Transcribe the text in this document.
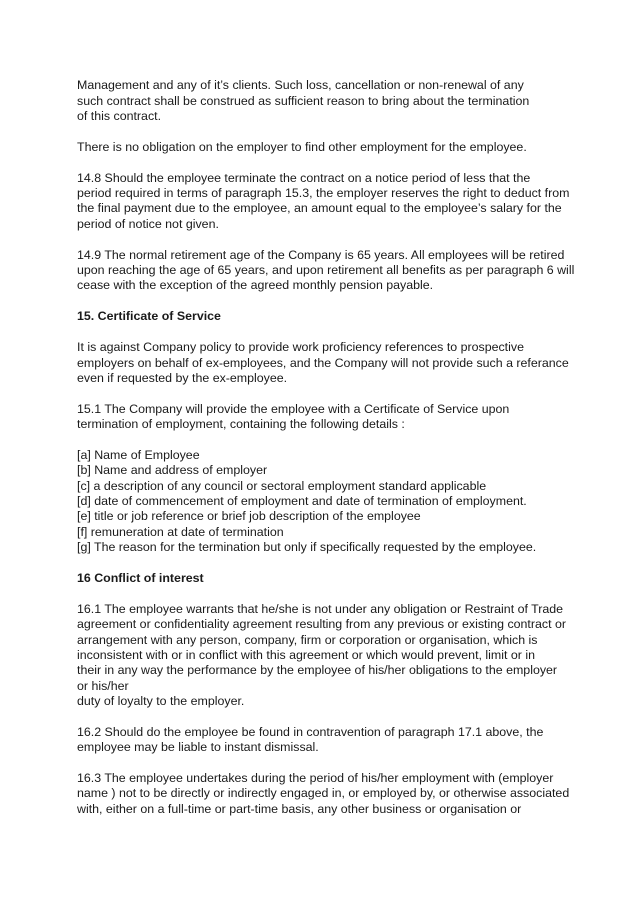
Management and any of it’s clients. Such loss, cancellation or non-renewal of any
such contract shall be construed as sufficient reason to bring about the termination
of this contract.
There is no obligation on the employer to find other employment for the employee.
14.8 Should the employee terminate the contract on a notice period of less that the
period required in terms of paragraph 15.3, the employer reserves the right to deduct from
the final payment due to the employee, an amount equal to the employee’s salary for the
period of notice not given.
14.9 The normal retirement age of the Company is 65 years. All employees will be retired
upon reaching the age of 65 years, and upon retirement all benefits as per paragraph 6 will
cease with the exception of the agreed monthly pension payable.
15. Certificate of Service
It is against Company policy to provide work proficiency references to prospective
employers on behalf of ex-employees, and the Company will not provide such a referance
even if requested by the ex-employee.
15.1 The Company will provide the employee with a Certificate of Service upon
termination of employment, containing the following details :
[a] Name of Employee
[b] Name and address of employer
[c] a description of any council or sectoral employment standard applicable
[d] date of commencement of employment and date of termination of employment.
[e] title or job reference or brief job description of the employee
[f] remuneration at date of termination
[g] The reason for the termination but only if specifically requested by the employee.
16 Conflict of interest
16.1 The employee warrants that he/she is not under any obligation or Restraint of Trade
agreement or confidentiality agreement resulting from any previous or existing contract or
arrangement with any person, company, firm or corporation or organisation, which is
inconsistent with or in conflict with this agreement or which would prevent, limit or in
their in any way the performance by the employee of his/her obligations to the employer
or his/her
duty of loyalty to the employer.
16.2 Should do the employee be found in contravention of paragraph 17.1 above, the
employee may be liable to instant dismissal.
16.3 The employee undertakes during the period of his/her employment with (employer
name ) not to be directly or indirectly engaged in, or employed by, or otherwise associated
with, either on a full-time or part-time basis, any other business or organisation or
